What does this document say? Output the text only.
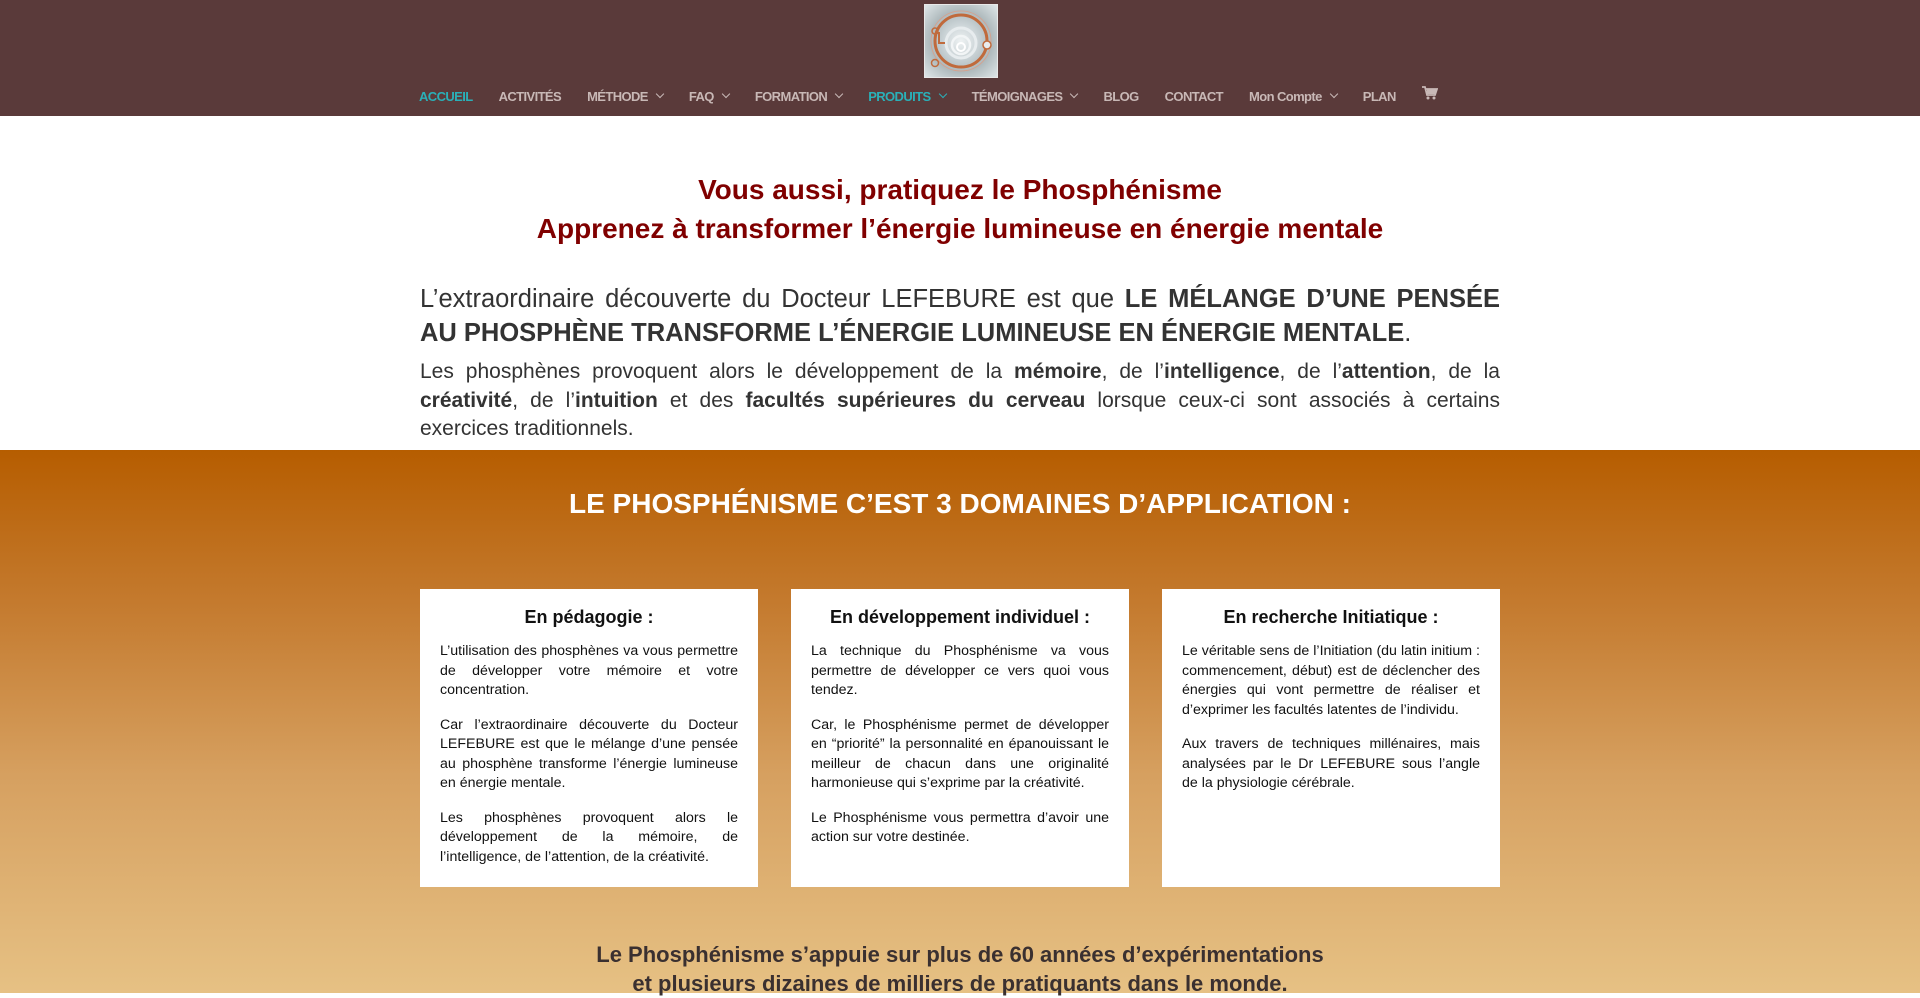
ACCUEIL ACTIVITÉS MÉTHODE	FAQ	FORMATION	PRODUITS	TÉMOIGNAGES	BLOG CONTACT Mon Compte	PLAN
Vous aussi, pratiquez le Phosphénisme
Apprenez à transformer l’énergie lumineuse en énergie mentale

L’extraordinaire découverte du Docteur LEFEBURE est que LE MÉLANGE D’UNE PENSÉE AU PHOSPHÈNE TRANSFORME L’ÉNERGIE LUMINEUSE EN ÉNERGIE MENTALE.

Les phosphènes provoquent alors le développement de la mémoire, de l’intelligence, de l’attention, de la créativité, de l’intuition et des facultés supérieures du cerveau lorsque ceux-ci sont associés à certains exercices traditionnels.

LE PHOSPHÉNISME C’EST 3 DOMAINES D’APPLICATION :
En pédagogie :

L’utilisation des phosphènes va vous permettre de développer votre mémoire et votre concentration.

Car l’extraordinaire découverte du Docteur LEFEBURE est que le mélange d’une pensée au phosphène transforme l’énergie lumineuse en énergie mentale.

Les phosphènes provoquent alors le développement de la mémoire, de l’intelligence, de l’attention, de la créativité.

En développement individuel :

La technique du Phosphénisme va vous permettre de développer ce vers quoi vous tendez.

Car, le Phosphénisme permet de développer en “priorité” la personnalité en épanouissant le meilleur de chacun dans une originalité harmonieuse qui s’exprime par la créativité.

Le Phosphénisme vous permettra d’avoir une action sur votre destinée.

En recherche Initiatique :

Le véritable sens de l’Initiation (du latin initium : commencement, début) est de déclencher des énergies qui vont permettre de réaliser et d’exprimer les facultés latentes de l’individu.

Aux travers de techniques millénaires, mais analysées par le Dr LEFEBURE sous l’angle de la physiologie cérébrale.

Le Phosphénisme s’appuie sur plus de 60 années d’expérimentations
et plusieurs dizaines de milliers de pratiquants dans le monde.
